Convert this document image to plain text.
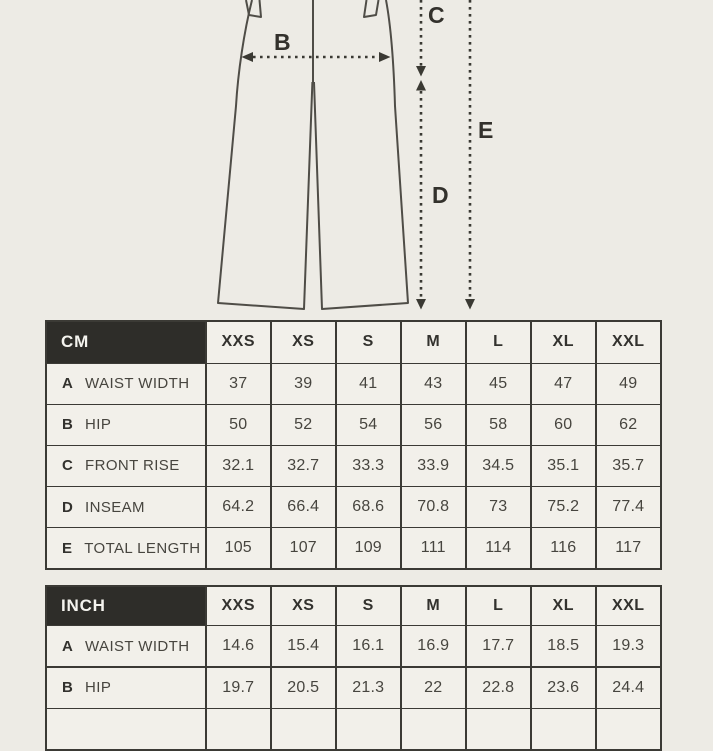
B
C
D
E
CM	XXS	XS	S	M	L	XL	XXL
A WAIST WIDTH	37	39	41	43	45	47	49
B HIP	50	52	54	56	58	60	62
C FRONT RISE	32.1	32.7	33.3	33.9	34.5	35.1	35.7
D INSEAM	64.2	66.4	68.6	70.8	73	75.2	77.4
E TOTAL LENGTH	105	107	109	111	114	116	117
INCH	XXS	XS	S	M	L	XL	XXL
A WAIST WIDTH	14.6	15.4	16.1	16.9	17.7	18.5	19.3
B HIP	19.7	20.5	21.3	22	22.8	23.6	24.4
